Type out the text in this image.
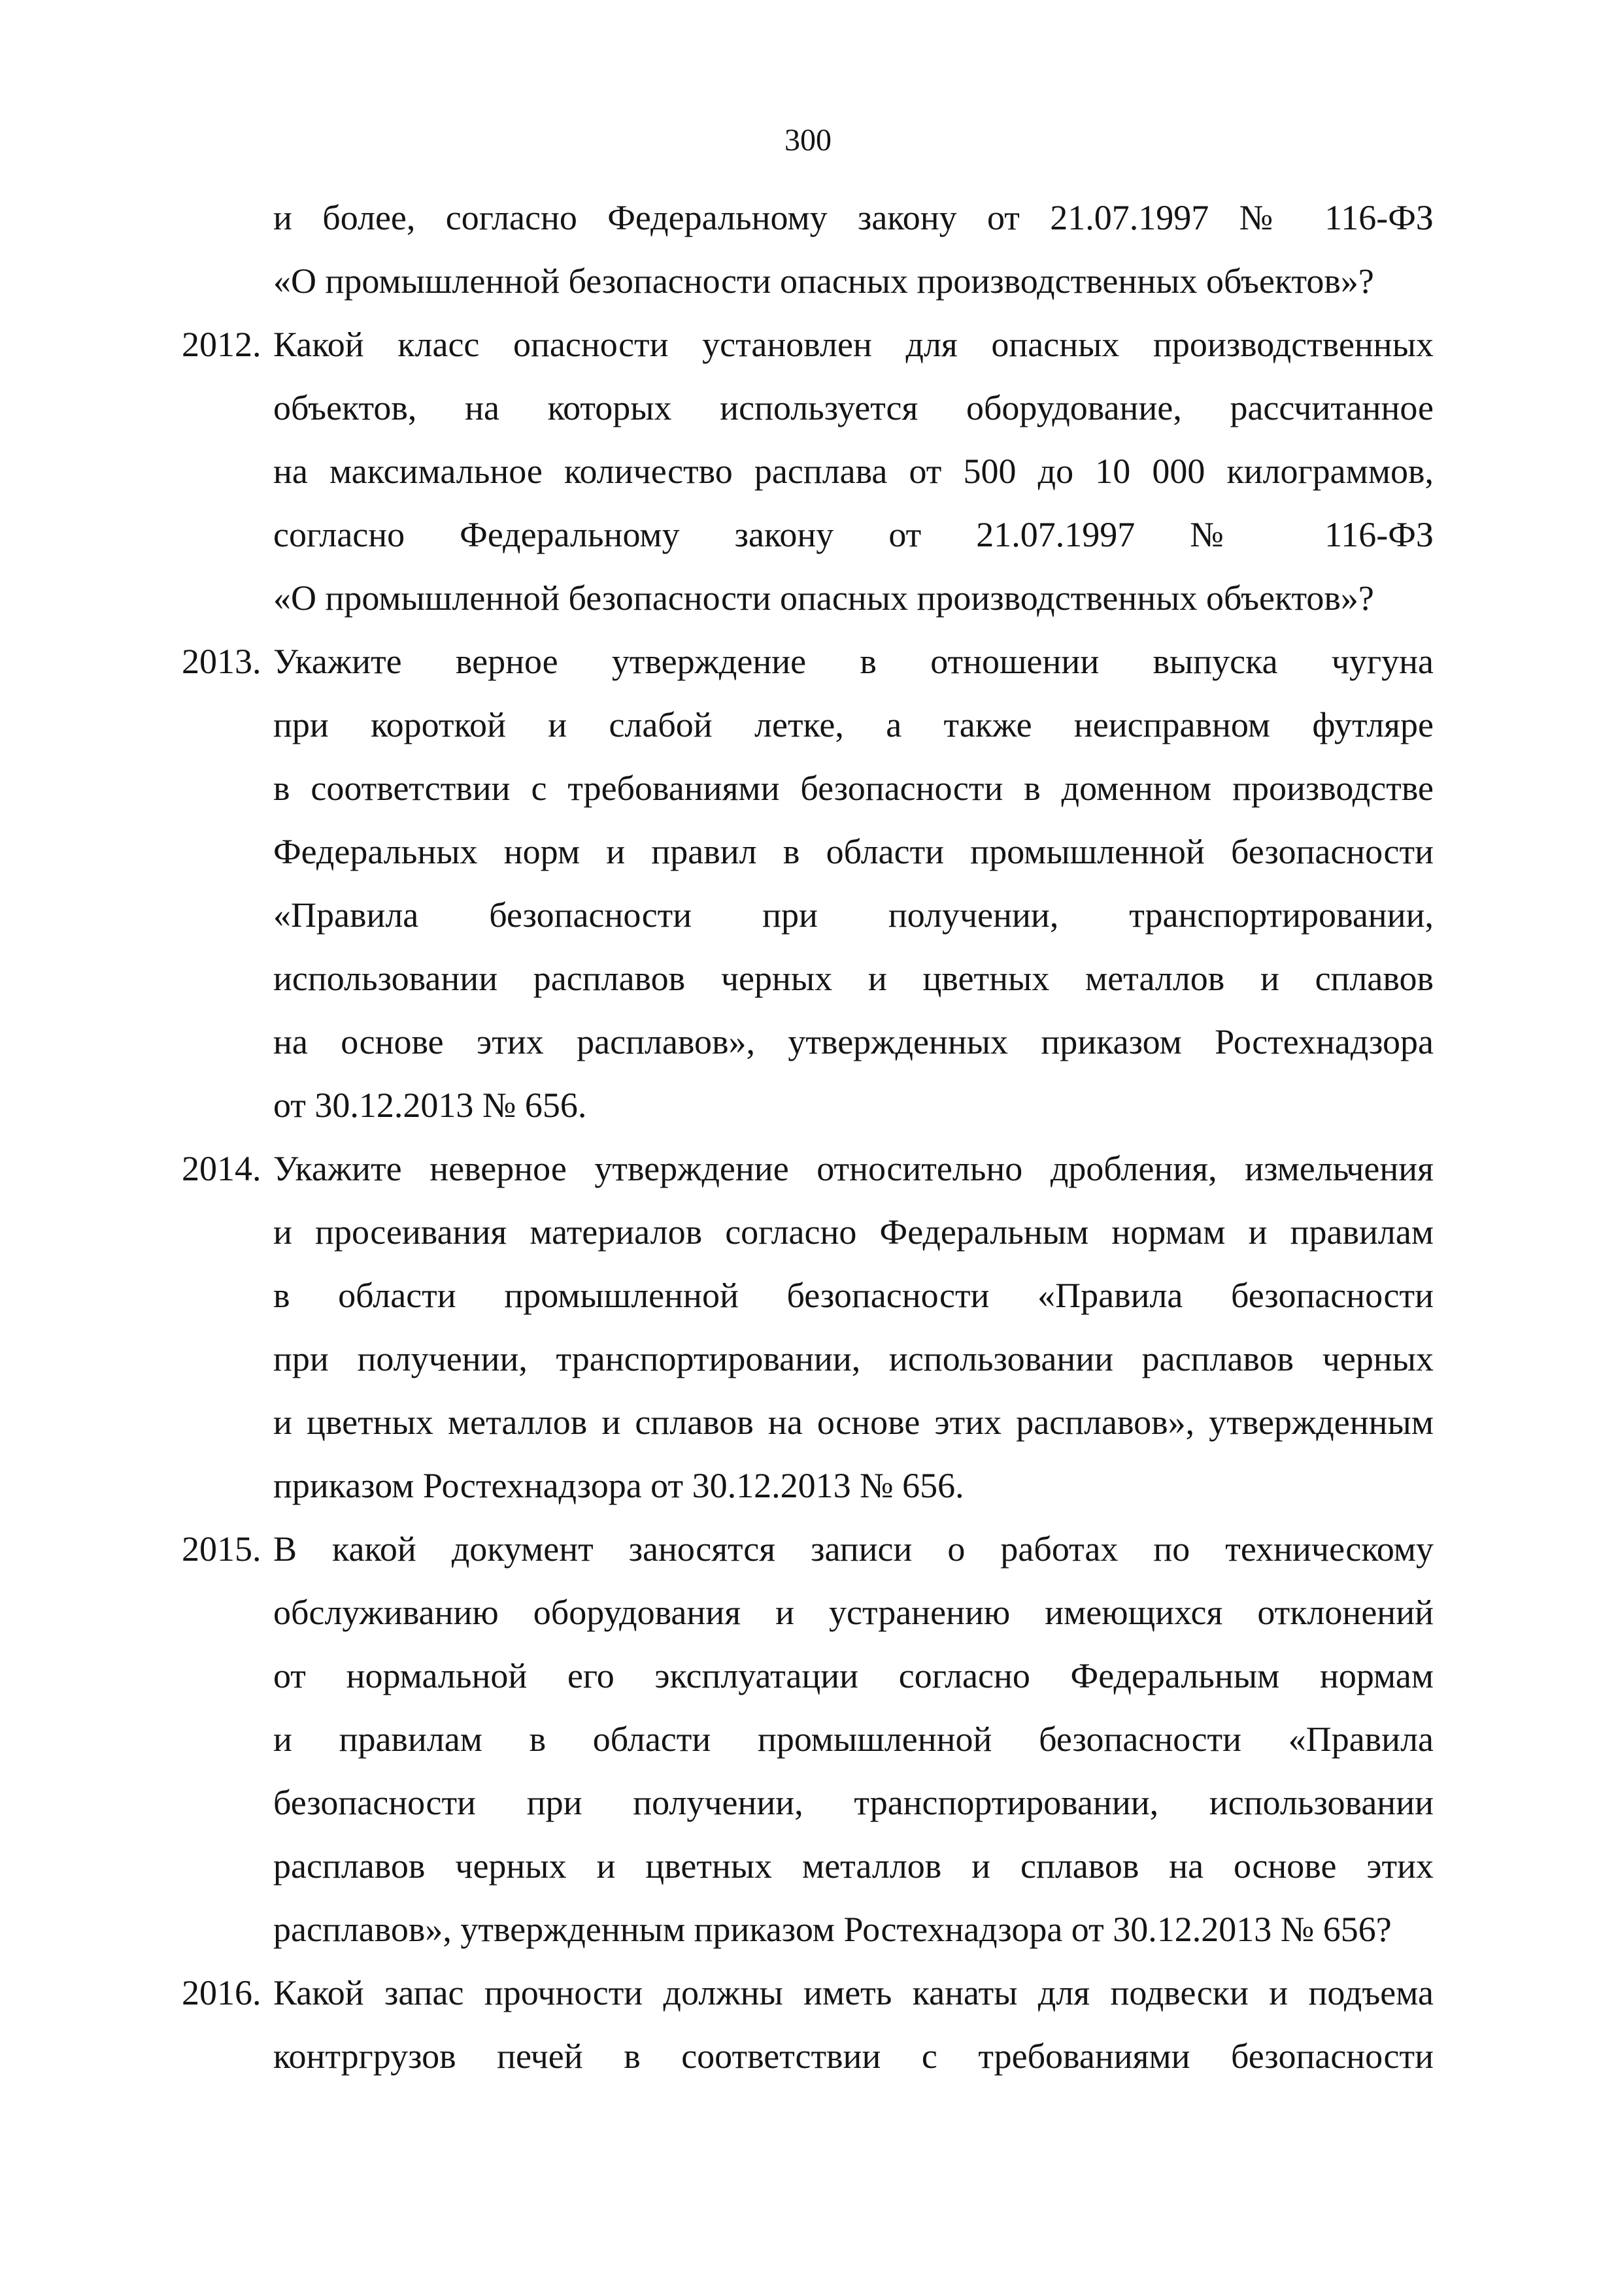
300
и более, согласно Федеральному закону от 21.07.1997 № 116-ФЗ
«О промышленной безопасности опасных производственных объектов»?
2012. Какой класс опасности установлен для опасных производственных
объектов, на которых используется оборудование, рассчитанное
на максимальное количество расплава от 500 до 10 000 килограммов,
согласно Федеральному закону от 21.07.1997 № 116-ФЗ
«О промышленной безопасности опасных производственных объектов»?
2013. Укажите верное утверждение в отношении выпуска чугуна
при короткой и слабой летке, а также неисправном футляре
в соответствии с требованиями безопасности в доменном производстве
Федеральных норм и правил в области промышленной безопасности
«Правила безопасности при получении, транспортировании,
использовании расплавов черных и цветных металлов и сплавов
на основе этих расплавов», утвержденных приказом Ростехнадзора
от 30.12.2013 № 656.
2014. Укажите неверное утверждение относительно дробления, измельчения
и просеивания материалов согласно Федеральным нормам и правилам
в области промышленной безопасности «Правила безопасности
при получении, транспортировании, использовании расплавов черных
и цветных металлов и сплавов на основе этих расплавов», утвержденным
приказом Ростехнадзора от 30.12.2013 № 656.
2015. В какой документ заносятся записи о работах по техническому
обслуживанию оборудования и устранению имеющихся отклонений
от нормальной его эксплуатации согласно Федеральным нормам
и правилам в области промышленной безопасности «Правила
безопасности при получении, транспортировании, использовании
расплавов черных и цветных металлов и сплавов на основе этих
расплавов», утвержденным приказом Ростехнадзора от 30.12.2013 № 656?
2016. Какой запас прочности должны иметь канаты для подвески и подъема
контргрузов печей в соответствии с требованиями безопасности
